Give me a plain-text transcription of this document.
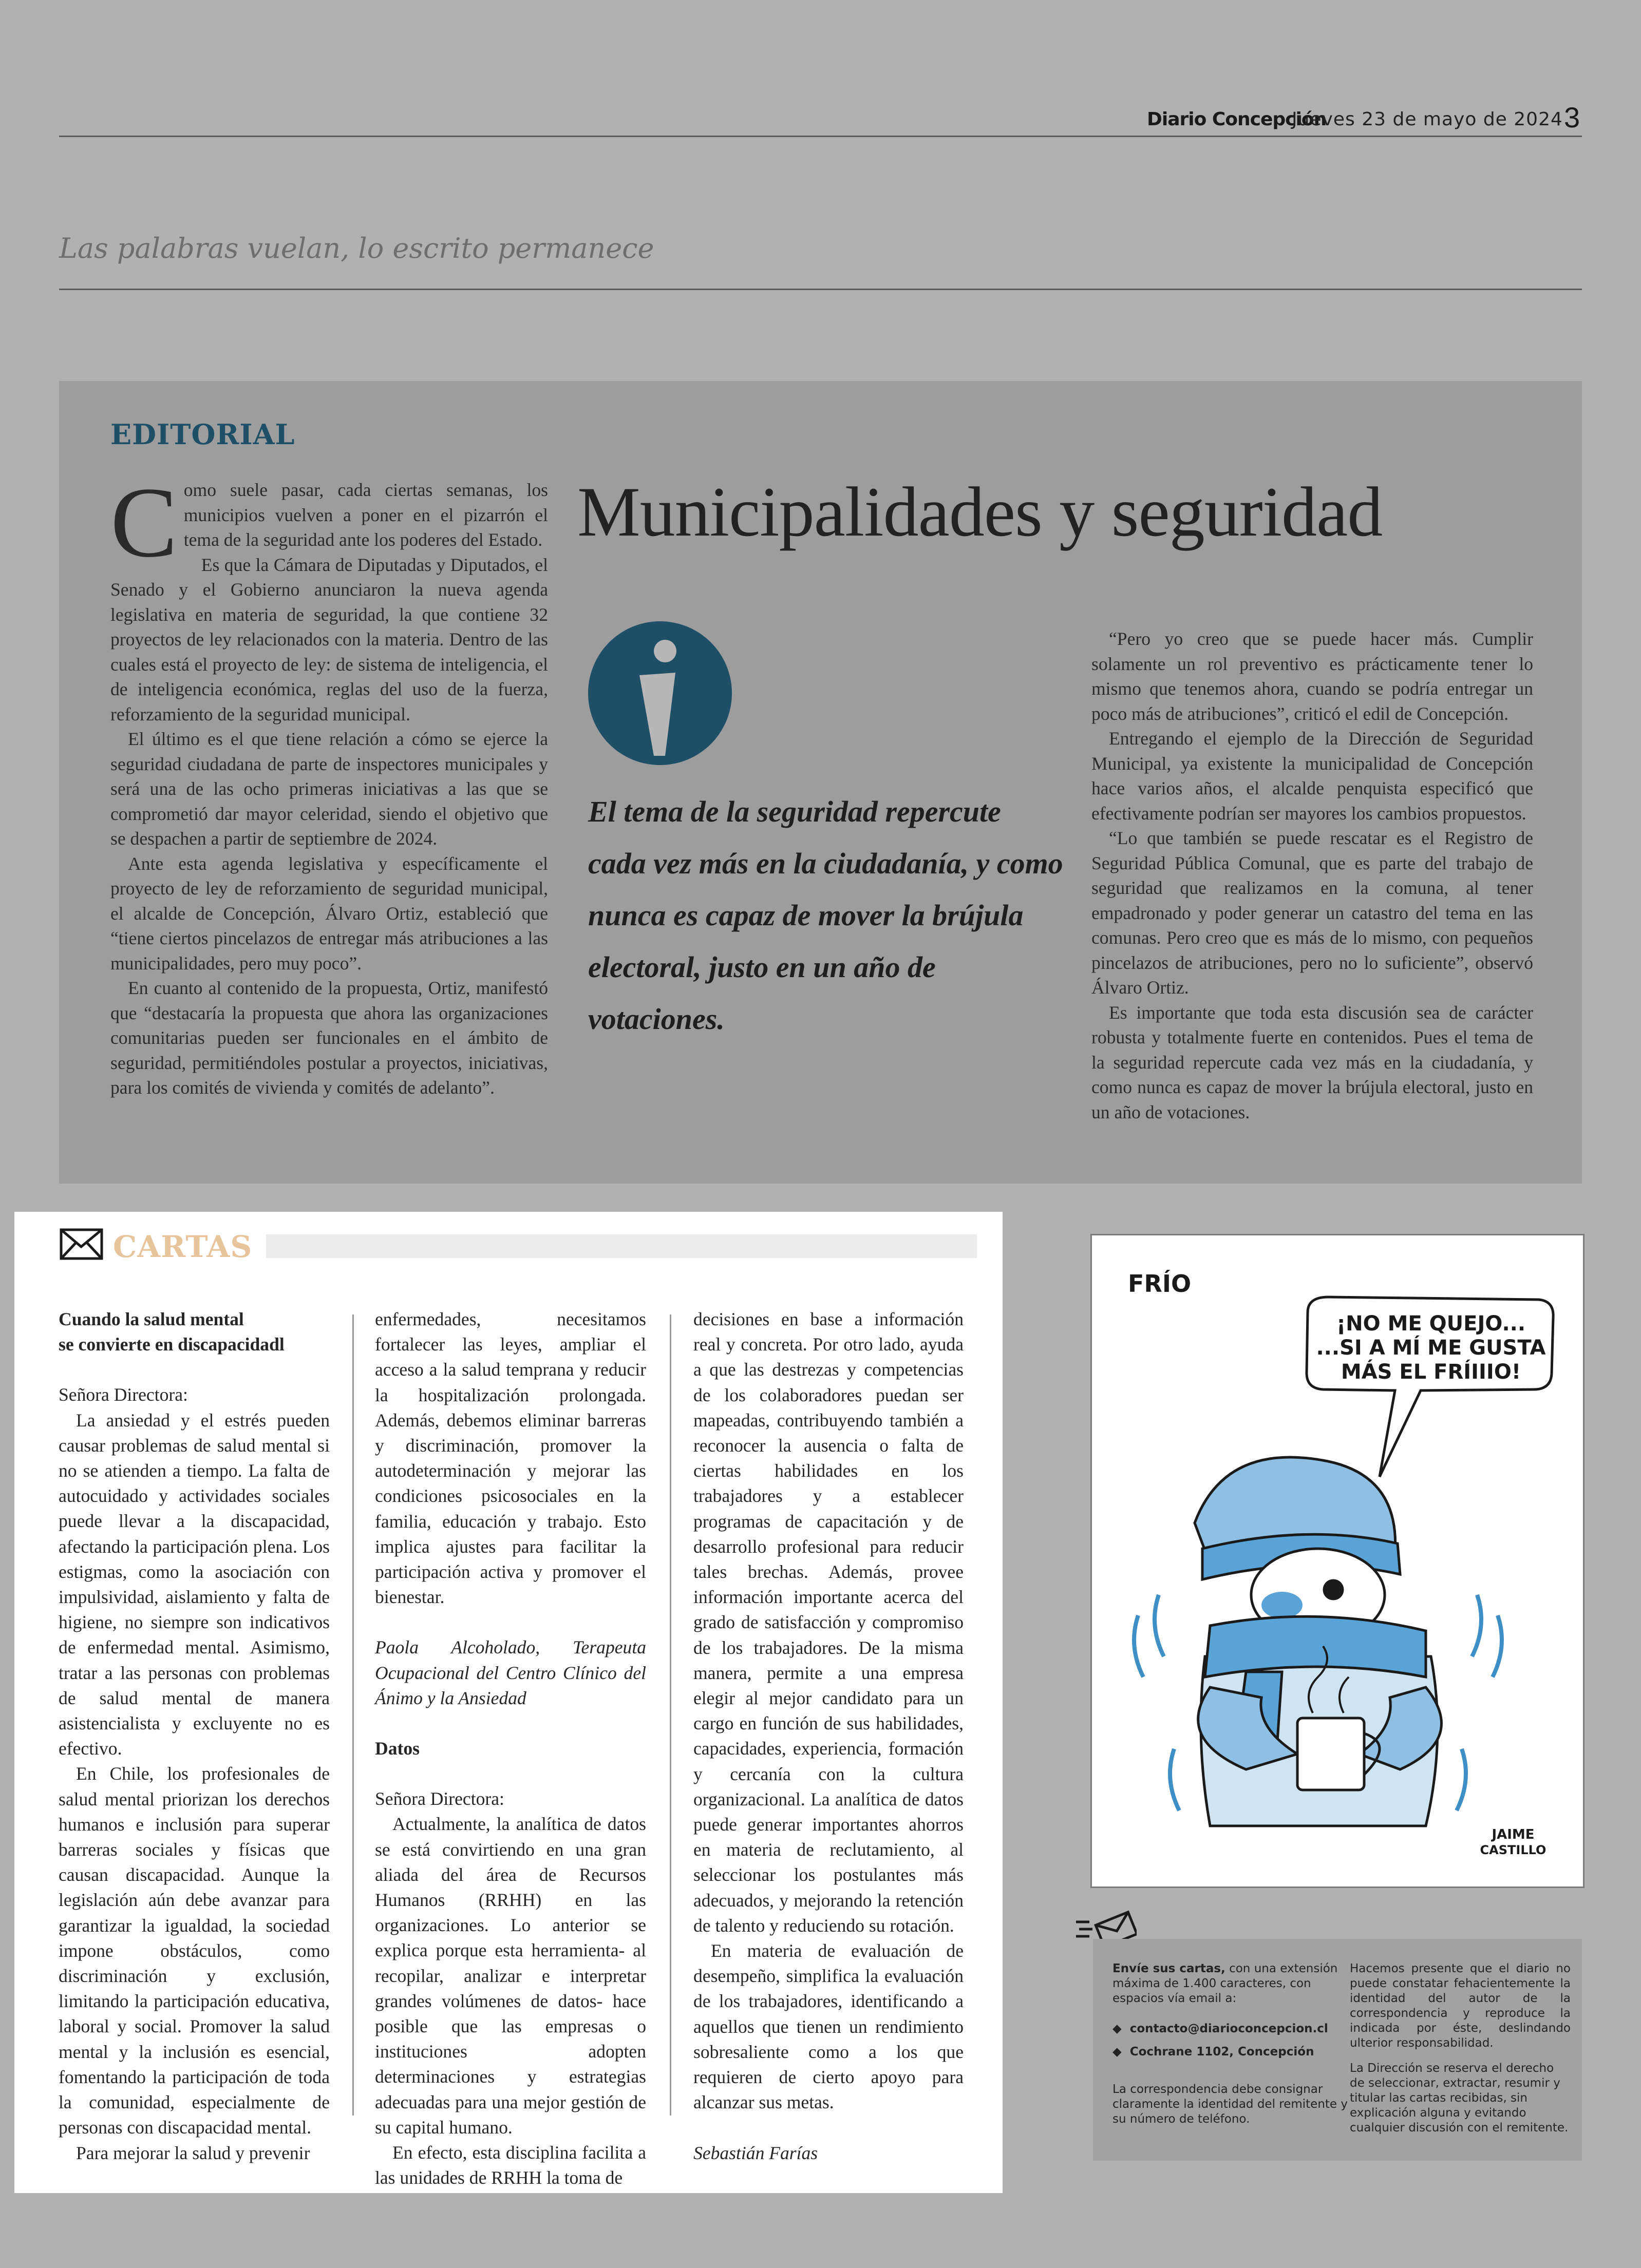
Diario Concepción
Jueves 23 de mayo de 2024 3
Las palabras vuelan, lo escrito permanece
EDITORIAL
C omo suele pasar, cada ciertas semanas, los municipios vuelven a poner en el pizarrón el tema de la seguridad ante los poderes del Estado.

Es que la Cámara de Diputadas y Diputados, el Senado y el Gobierno anunciaron la nueva agenda legislativa en materia de seguridad, la que contiene 32 proyectos de ley relacionados con la materia. Dentro de las cuales está el proyecto de ley: de sistema de inteligencia, el de inteligencia económica, reglas del uso de la fuerza, reforzamiento de la seguridad municipal.

El último es el que tiene relación a cómo se ejerce la seguridad ciudadana de parte de inspectores municipales y será una de las ocho primeras iniciativas a las que se comprometió dar mayor celeridad, siendo el objetivo que se despachen a partir de septiembre de 2024.

Ante esta agenda legislativa y específicamente el proyecto de ley de reforzamiento de seguridad municipal, el alcalde de Concepción, Álvaro Ortiz, estableció que “tiene ciertos pincelazos de entregar más atribuciones a las municipalidades, pero muy poco”.

En cuanto al contenido de la propuesta, Ortiz, manifestó que “destacaría la propuesta que ahora las organizaciones comunitarias pueden ser funcionales en el ámbito de seguridad, permitiéndoles postular a proyectos, iniciativas, para los comités de vivienda y comités de adelanto”.

Municipalidades y seguridad
El tema de la seguridad repercute cada vez más en la ciudadanía, y como nunca es capaz de mover la brújula electoral, justo en un año de votaciones.

“Pero yo creo que se puede hacer más. Cumplir solamente un rol preventivo es prácticamente tener lo mismo que tenemos ahora, cuando se podría entregar un poco más de atribuciones”, criticó el edil de Concepción.

Entregando el ejemplo de la Dirección de Seguridad Municipal, ya existente la municipalidad de Concepción hace varios años, el alcalde penquista especificó que efectivamente podrían ser mayores los cambios propuestos.

“Lo que también se puede rescatar es el Registro de Seguridad Pública Comunal, que es parte del trabajo de seguridad que realizamos en la comuna, al tener empadronado y poder generar un catastro del tema en las comunas. Pero creo que es más de lo mismo, con pequeños pincelazos de atribuciones, pero no lo suficiente”, observó Álvaro Ortiz.

Es importante que toda esta discusión sea de carácter robusta y totalmente fuerte en contenidos. Pues el tema de la seguridad repercute cada vez más en la ciudadanía, y como nunca es capaz de mover la brújula electoral, justo en un año de votaciones.

CARTAS

Cuando la salud mental
se convierte en discapacidadl

Señora Directora:

La ansiedad y el estrés pueden causar problemas de salud mental si no se atienden a tiempo. La falta de autocuidado y actividades sociales puede llevar a la discapacidad, afectando la participación plena. Los estigmas, como la asociación con impulsividad, aislamiento y falta de higiene, no siempre son indicativos de enfermedad mental. Asimismo, tratar a las personas con problemas de salud mental de manera asistencialista y excluyente no es efectivo.

En Chile, los profesionales de salud mental priorizan los derechos humanos e inclusión para superar barreras sociales y físicas que causan discapacidad. Aunque la legislación aún debe avanzar para garantizar la igualdad, la sociedad impone obstáculos, como discriminación y exclusión, limitando la participación educativa, laboral y social. Promover la salud mental y la inclusión es esencial, fomentando la participación de toda la comunidad, especialmente de personas con discapacidad mental.

Para mejorar la salud y prevenir

enfermedades, necesitamos fortalecer las leyes, ampliar el acceso a la salud temprana y reducir la hospitalización prolongada. Además, debemos eliminar barreras y discriminación, promover la autodeterminación y mejorar las condiciones psicosociales en la familia, educación y trabajo. Esto implica ajustes para facilitar la participación activa y promover el bienestar.

Paola Alcoholado, Terapeuta Ocupacional del Centro Clínico del Ánimo y la Ansiedad

Datos

Señora Directora:

Actualmente, la analítica de datos se está convirtiendo en una gran aliada del área de Recursos Humanos (RRHH) en las organizaciones. Lo anterior se explica porque esta herramienta- al recopilar, analizar e interpretar grandes volúmenes de datos- hace posible que las empresas o instituciones adopten determinaciones y estrategias adecuadas para una mejor gestión de su capital humano.

En efecto, esta disciplina facilita a las unidades de RRHH la toma de

decisiones en base a información real y concreta. Por otro lado, ayuda a que las destrezas y competencias de los colaboradores puedan ser mapeadas, contribuyendo también a reconocer la ausencia o falta de ciertas habilidades en los trabajadores y a establecer programas de capacitación y de desarrollo profesional para reducir tales brechas. Además, provee información importante acerca del grado de satisfacción y compromiso de los trabajadores. De la misma manera, permite a una empresa elegir al mejor candidato para un cargo en función de sus habilidades, capacidades, experiencia, formación y cercanía con la cultura organizacional. La analítica de datos puede generar importantes ahorros en materia de reclutamiento, al seleccionar los postulantes más adecuados, y mejorando la retención de talento y reduciendo su rotación.

En materia de evaluación de desempeño, simplifica la evaluación de los trabajadores, identificando a aquellos que tienen un rendimiento sobresaliente como a los que requieren de cierto apoyo para alcanzar sus metas.

Sebastián Farías

FRÍO
¡NO ME QUEJO...
...SI A MÍ ME GUSTA
MÁS EL FRÍIIIO!
JAIME
CASTILLO

Envíe sus cartas, con una extensión máxima de 1.400 caracteres, con espacios vía email a:

◆  contacto@diarioconcepcion.cl

◆  Cochrane 1102, Concepción

La correspondencia debe consignar claramente la identidad del remitente y su número de teléfono.

Hacemos presente que el diario no puede constatar fehacientemente la identidad del autor de la correspondencia y reproduce la indicada por éste, deslindando ulterior responsabilidad.

La Dirección se reserva el derecho de seleccionar, extractar, resumir y titular las cartas recibidas, sin explicación alguna y evitando cualquier discusión con el remitente.
